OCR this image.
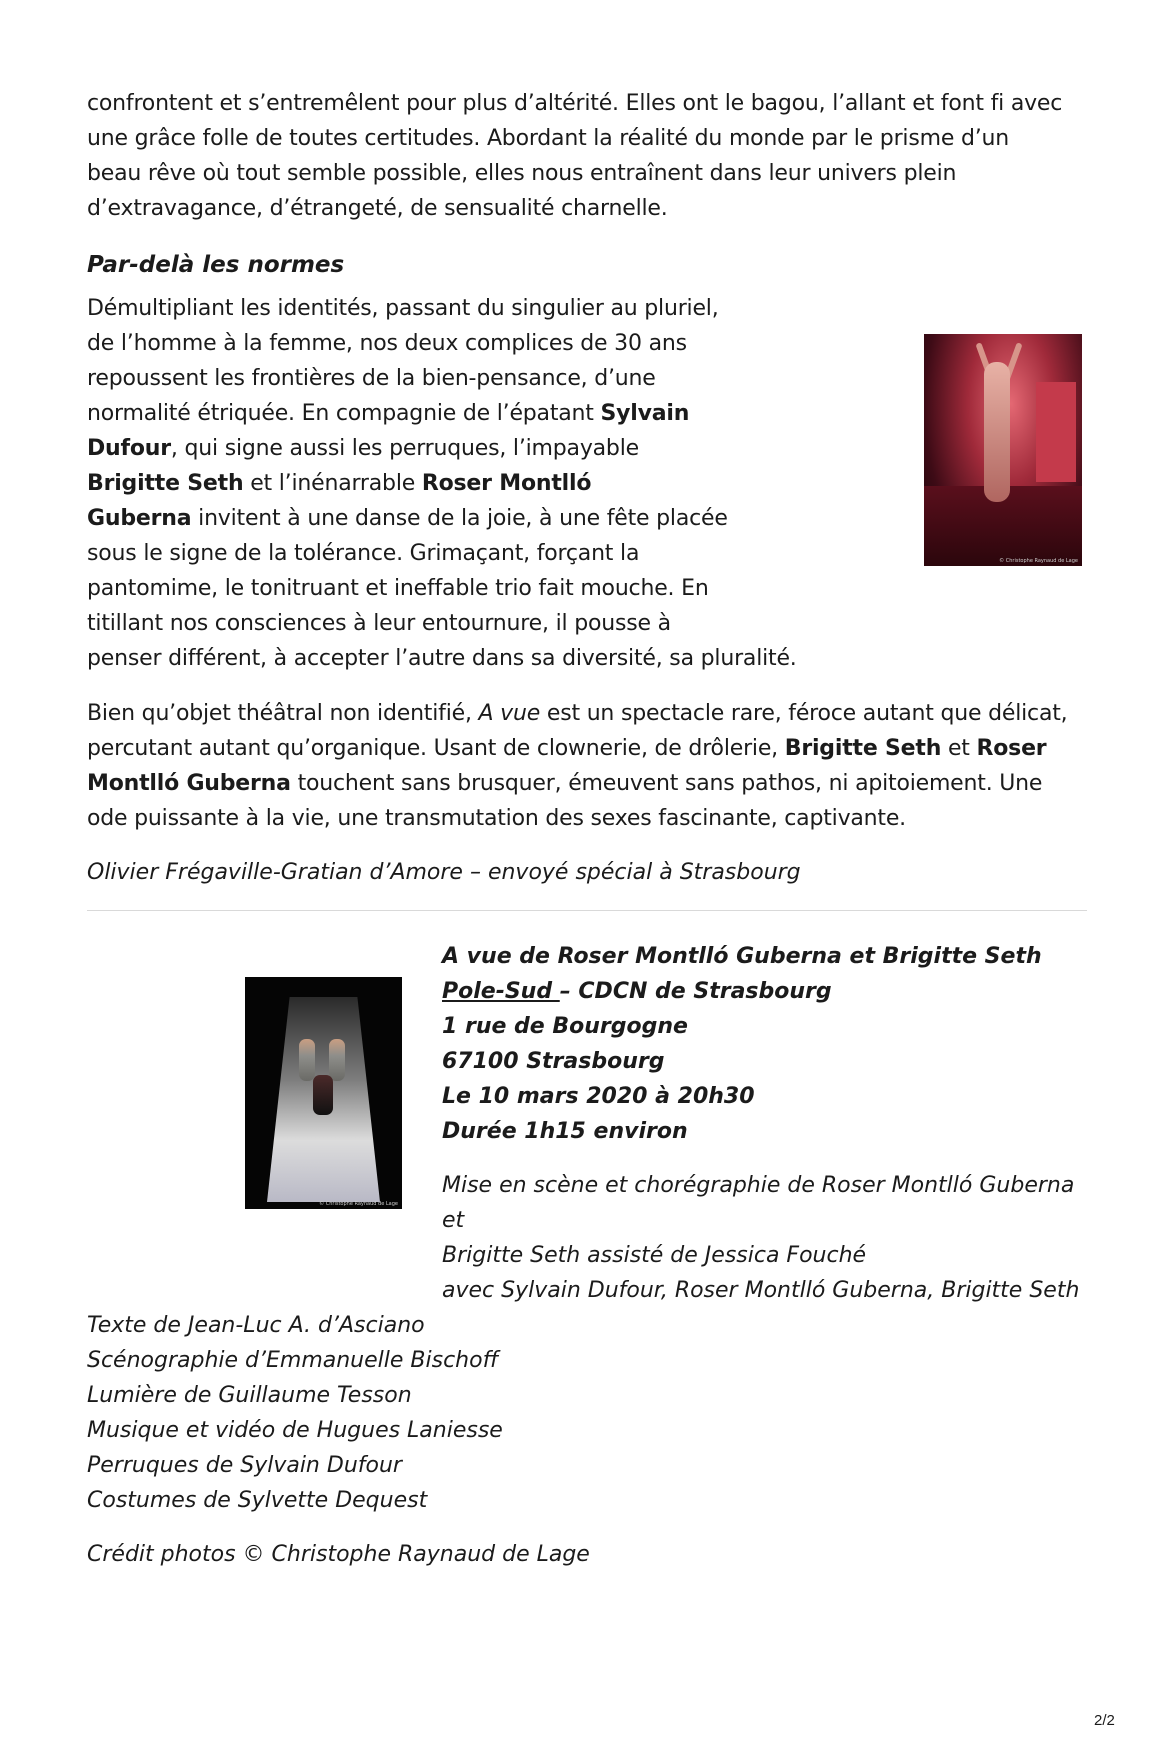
confrontent et s’entremêlent pour plus d’altérité. Elles ont le bagou, l’allant et font fi avec
une grâce folle de toutes certitudes. Abordant la réalité du monde par le prisme d’un
beau rêve où tout semble possible, elles nous entraînent dans leur univers plein
d’extravagance, d’étrangeté, de sensualité charnelle.
Par-delà les normes
Démultipliant les identités, passant du singulier au pluriel,
de l’homme à la femme, nos deux complices de 30 ans
repoussent les frontières de la bien-pensance, d’une
normalité étriquée. En compagnie de l’épatant Sylvain
Dufour, qui signe aussi les perruques, l’impayable
Brigitte Seth et l’inénarrable Roser Montlló
Guberna invitent à une danse de la joie, à une fête placée
sous le signe de la tolérance. Grimaçant, forçant la
pantomime, le tonitruant et ineffable trio fait mouche. En
titillant nos consciences à leur entournure, il pousse à
penser différent, à accepter l’autre dans sa diversité, sa pluralité.
© Christophe Raynaud de Lage
Bien qu’objet théâtral non identifié, A vue est un spectacle rare, féroce autant que délicat,
percutant autant qu’organique. Usant de clownerie, de drôlerie, Brigitte Seth et Roser
Montlló Guberna touchent sans brusquer, émeuvent sans pathos, ni apitoiement. Une
ode puissante à la vie, une transmutation des sexes fascinante, captivante.
Olivier Frégaville-Gratian d’Amore – envoyé spécial à Strasbourg
© Christophe Raynaud de Lage
A vue de Roser Montlló Guberna et Brigitte Seth
Pole-Sud – CDCN de Strasbourg
1 rue de Bourgogne
67100 Strasbourg
Le 10 mars 2020 à 20h30
Durée 1h15 environ
Mise en scène et chorégraphie de Roser Montlló Guberna et
Brigitte Seth assisté de Jessica Fouché
avec Sylvain Dufour, Roser Montlló Guberna, Brigitte Seth
Texte de Jean-Luc A. d’Asciano
Scénographie d’Emmanuelle Bischoff
Lumière de Guillaume Tesson
Musique et vidéo de Hugues Laniesse
Perruques de Sylvain Dufour
Costumes de Sylvette Dequest
Crédit photos © Christophe Raynaud de Lage
2/2
